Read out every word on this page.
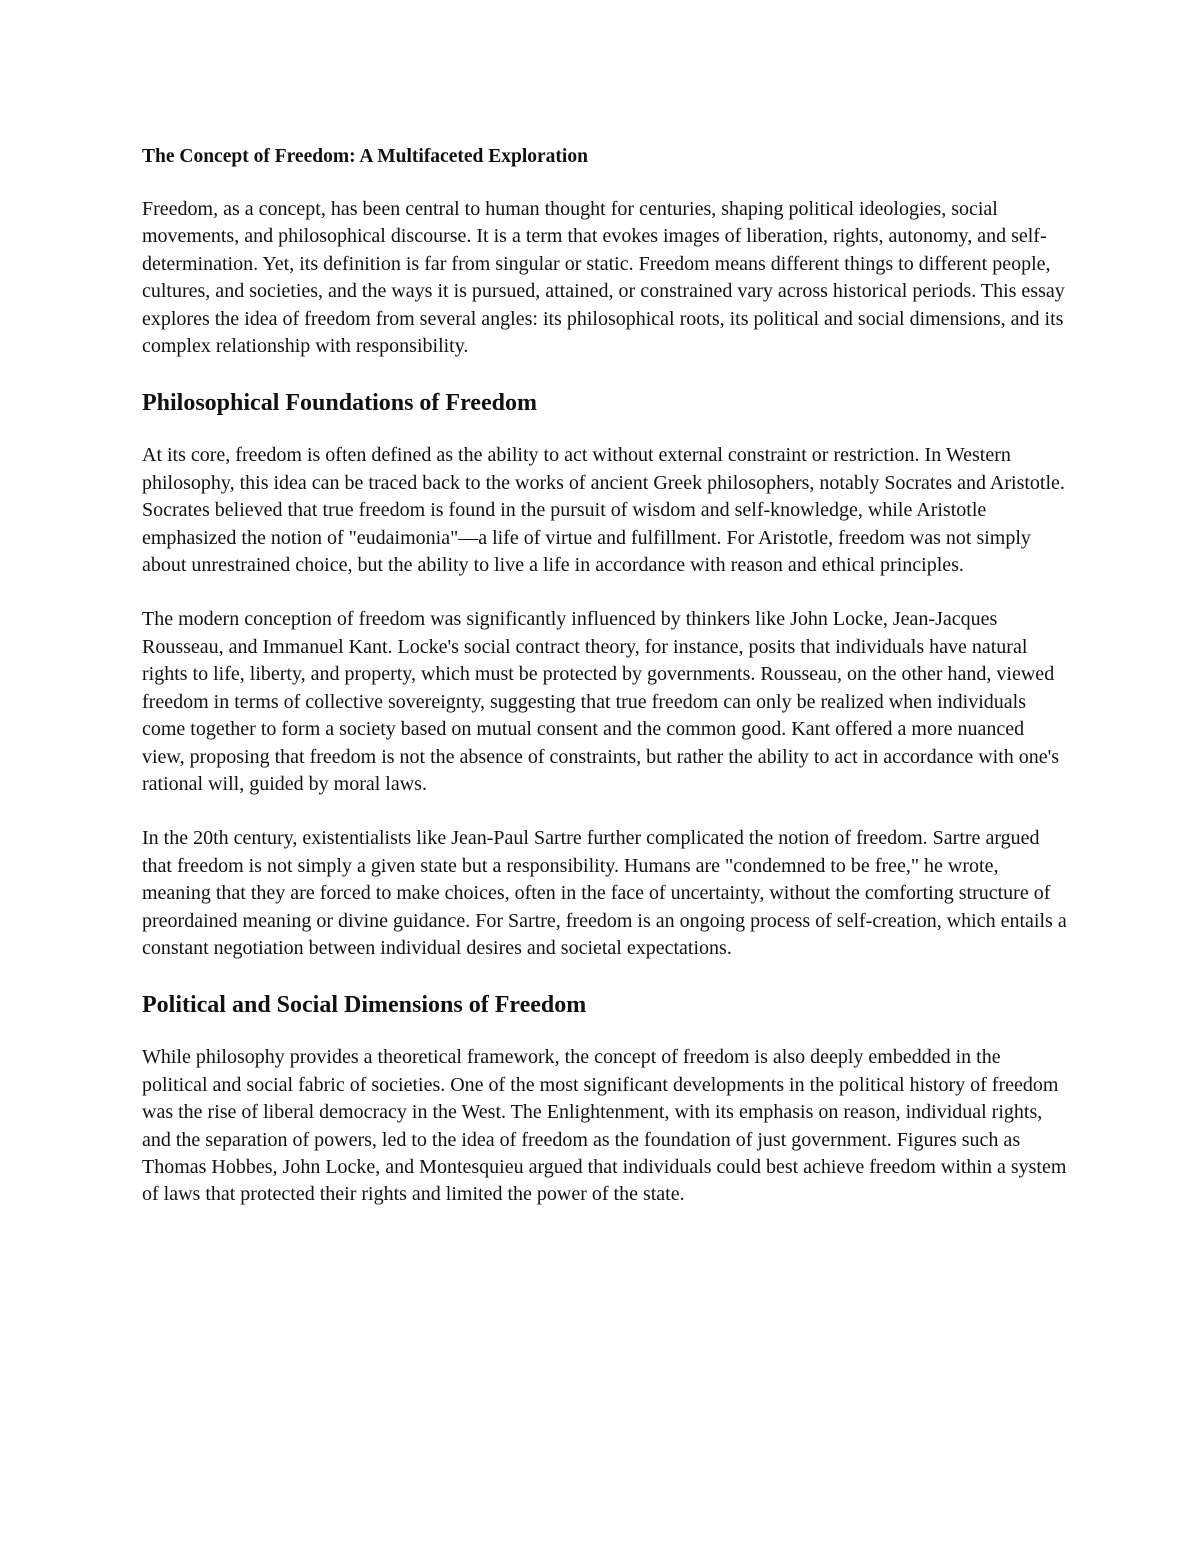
The Concept of Freedom: A Multifaceted Exploration

Freedom, as a concept, has been central to human thought for centuries, shaping political ideologies, social movements, and philosophical discourse. It is a term that evokes images of liberation, rights, autonomy, and self-determination. Yet, its definition is far from singular or static. Freedom means different things to different people, cultures, and societies, and the ways it is pursued, attained, or constrained vary across historical periods. This essay explores the idea of freedom from several angles: its philosophical roots, its political and social dimensions, and its complex relationship with responsibility.

Philosophical Foundations of Freedom

At its core, freedom is often defined as the ability to act without external constraint or restriction. In Western philosophy, this idea can be traced back to the works of ancient Greek philosophers, notably Socrates and Aristotle. Socrates believed that true freedom is found in the pursuit of wisdom and self-knowledge, while Aristotle emphasized the notion of "eudaimonia"—a life of virtue and fulfillment. For Aristotle, freedom was not simply about unrestrained choice, but the ability to live a life in accordance with reason and ethical principles.

The modern conception of freedom was significantly influenced by thinkers like John Locke, Jean-Jacques Rousseau, and Immanuel Kant. Locke's social contract theory, for instance, posits that individuals have natural rights to life, liberty, and property, which must be protected by governments. Rousseau, on the other hand, viewed freedom in terms of collective sovereignty, suggesting that true freedom can only be realized when individuals come together to form a society based on mutual consent and the common good. Kant offered a more nuanced view, proposing that freedom is not the absence of constraints, but rather the ability to act in accordance with one's rational will, guided by moral laws.

In the 20th century, existentialists like Jean-Paul Sartre further complicated the notion of freedom. Sartre argued that freedom is not simply a given state but a responsibility. Humans are "condemned to be free," he wrote, meaning that they are forced to make choices, often in the face of uncertainty, without the comforting structure of preordained meaning or divine guidance. For Sartre, freedom is an ongoing process of self-creation, which entails a constant negotiation between individual desires and societal expectations.

Political and Social Dimensions of Freedom

While philosophy provides a theoretical framework, the concept of freedom is also deeply embedded in the political and social fabric of societies. One of the most significant developments in the political history of freedom was the rise of liberal democracy in the West. The Enlightenment, with its emphasis on reason, individual rights, and the separation of powers, led to the idea of freedom as the foundation of just government. Figures such as Thomas Hobbes, John Locke, and Montesquieu argued that individuals could best achieve freedom within a system of laws that protected their rights and limited the power of the state.
